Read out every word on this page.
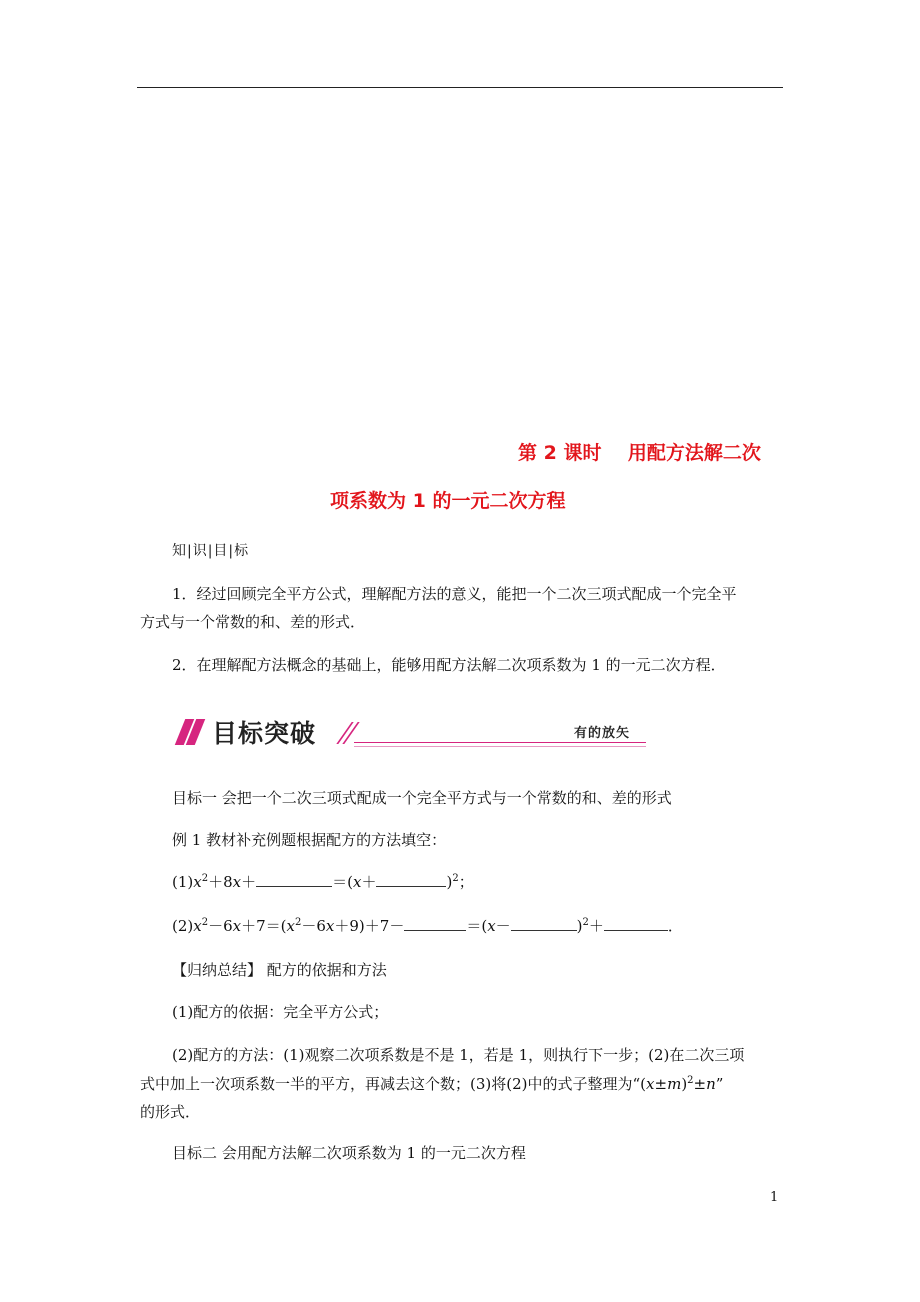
第 2 课时    用配方法解二次
项系数为 1 的一元二次方程
知|识|目|标
1．经过回顾完全平方公式，理解配方法的意义，能把一个二次三项式配成一个完全平
方式与一个常数的和、差的形式．
2．在理解配方法概念的基础上，能够用配方法解二次项系数为 1 的一元二次方程．
目标突破	有的放矢
目标一 会把一个二次三项式配成一个完全平方式与一个常数的和、差的形式
例 1 教材补充例题根据配方的方法填空：
$(1)x^2+8x+$	＝(x＋	)$^2$；
$(2)x^2-6x+7=(x^2-6x+9)+7-$	＝(x－	)$^2$＋	．
【归纳总结】 配方的依据和方法
(1)配方的依据：完全平方公式；
(2)配方的方法：(1)观察二次项系数是不是 1，若是 1，则执行下一步；(2)在二次三项
式中加上一次项系数一半的平方，再减去这个数；(3)将(2)中的式子整理为“$(x\pm m)^2\pm n$”
的形式．
目标二 会用配方法解二次项系数为 1 的一元二次方程
1
